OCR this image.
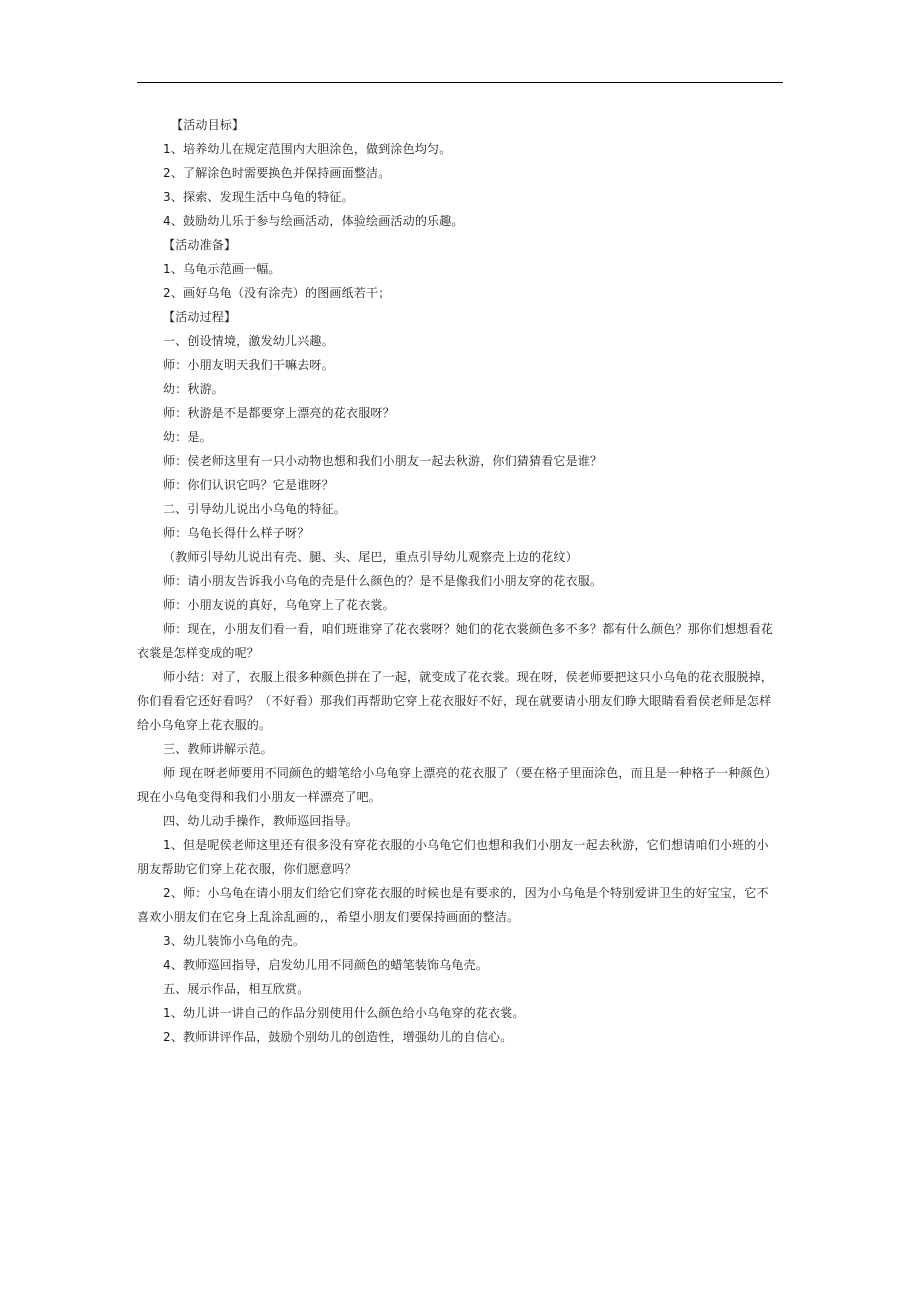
【活动目标】

1、培养幼儿在规定范围内大胆涂色，做到涂色均匀。

2、了解涂色时需要换色并保持画面整洁。

3、探索、发现生活中乌龟的特征。

4、鼓励幼儿乐于参与绘画活动，体验绘画活动的乐趣。

【活动准备】

1、乌龟示范画一幅。

2、画好乌龟（没有涂壳）的图画纸若干；

【活动过程】

一、创设情境，激发幼儿兴趣。

师：小朋友明天我们干嘛去呀。

幼：秋游。

师：秋游是不是都要穿上漂亮的花衣服呀？

幼：是。

师：侯老师这里有一只小动物也想和我们小朋友一起去秋游，你们猜猜看它是谁？

师：你们认识它吗？它是谁呀？

二、引导幼儿说出小乌龟的特征。

师：乌龟长得什么样子呀？

（教师引导幼儿说出有壳、腿、头、尾巴，重点引导幼儿观察壳上边的花纹）

师：请小朋友告诉我小乌龟的壳是什么颜色的？是不是像我们小朋友穿的花衣服。

师：小朋友说的真好，乌龟穿上了花衣裳。

师：现在，小朋友们看一看，咱们班谁穿了花衣裳呀？她们的花衣裳颜色多不多？都有什么颜色？那你们想想看花
衣裳是怎样变成的呢？
师小结：对了，衣服上很多种颜色拼在了一起，就变成了花衣裳。现在呀，侯老师要把这只小乌龟的花衣服脱掉，
你们看看它还好看吗？（不好看）那我们再帮助它穿上花衣服好不好，现在就要请小朋友们睁大眼睛看看侯老师是怎样
给小乌龟穿上花衣服的。

三、教师讲解示范。

师 现在呀老师要用不同颜色的蜡笔给小乌龟穿上漂亮的花衣服了（要在格子里面涂色，而且是一种格子一种颜色）
现在小乌龟变得和我们小朋友一样漂亮了吧。

四、幼儿动手操作，教师巡回指导。

1、但是呢侯老师这里还有很多没有穿花衣服的小乌龟它们也想和我们小朋友一起去秋游，它们想请咱们小班的小
朋友帮助它们穿上花衣服，你们愿意吗？
2、师：小乌龟在请小朋友们给它们穿花衣服的时候也是有要求的，因为小乌龟是个特别爱讲卫生的好宝宝，它不
喜欢小朋友们在它身上乱涂乱画的,，希望小朋友们要保持画面的整洁。

3、幼儿装饰小乌龟的壳。

4、教师巡回指导，启发幼儿用不同颜色的蜡笔装饰乌龟壳。

五、展示作品，相互欣赏。

1、幼儿讲一讲自己的作品分别使用什么颜色给小乌龟穿的花衣裳。

2、教师讲评作品，鼓励个别幼儿的创造性，增强幼儿的自信心。
